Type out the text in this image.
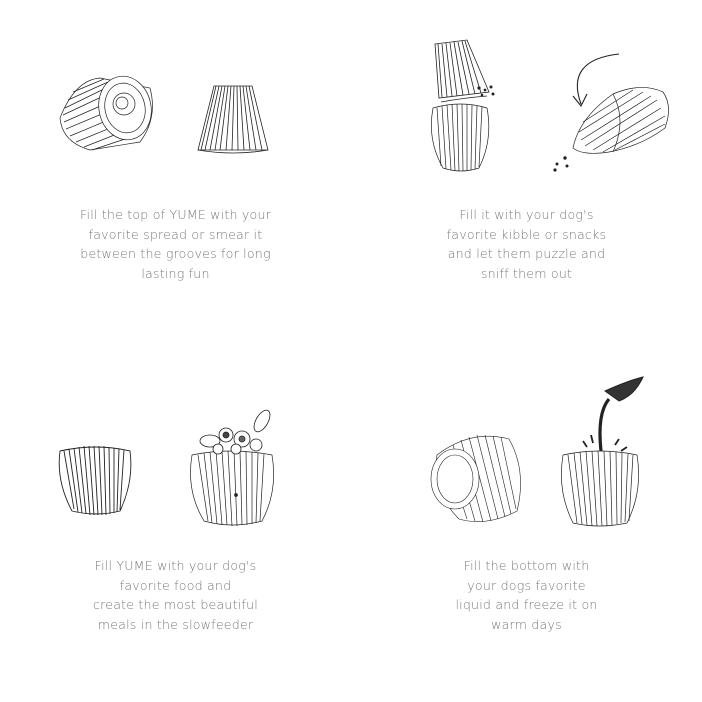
Fill the top of YUME with your
favorite spread or smear it
between the grooves for long
lasting fun
Fill it with your dog's
favorite kibble or snacks
and let them puzzle and
sniff them out
Fill YUME with your dog's
favorite food and
create the most beautiful
meals in the slowfeeder
Fill the bottom with
your dogs favorite
liquid and freeze it on
warm days
